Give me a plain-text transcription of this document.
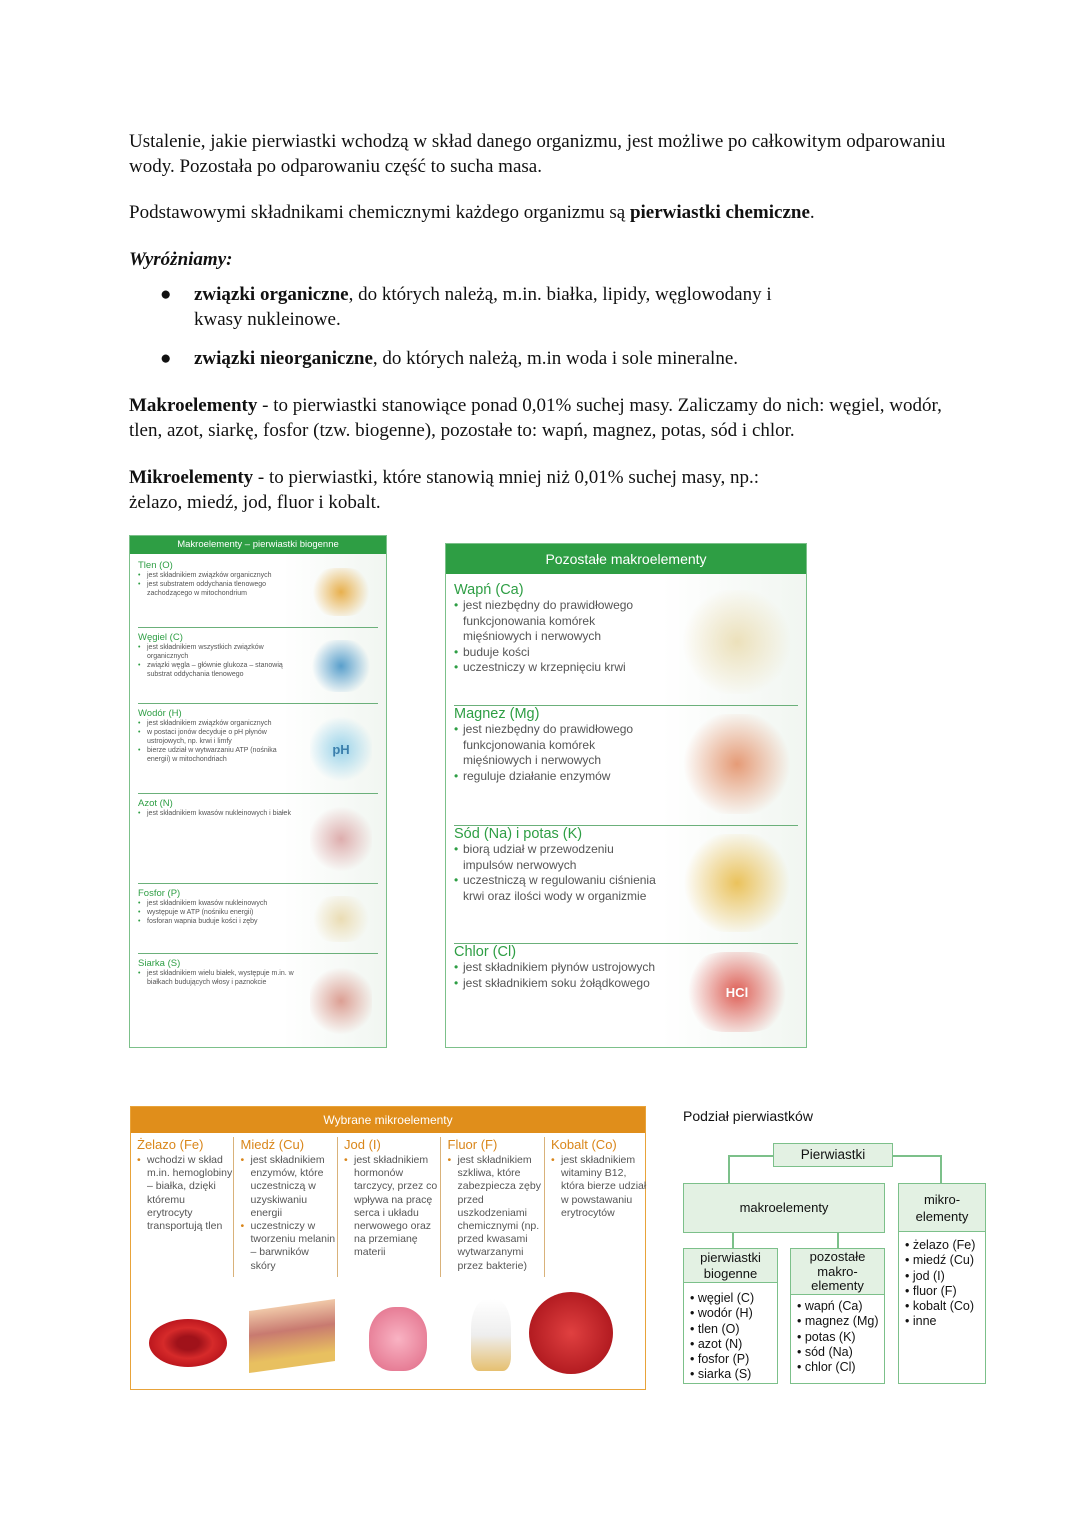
Ustalenie, jakie pierwiastki wchodzą w skład danego organizmu, jest możliwe po całkowitym odparowaniu wody. Pozostała po odparowaniu część to sucha masa.
Podstawowymi składnikami chemicznymi każdego organizmu są pierwiastki chemiczne.
Wyróżniamy:
● związki organiczne, do których należą, m.in. białka, lipidy, węglowodany i kwasy nukleinowe.
● związki nieorganiczne, do których należą, m.in woda i sole mineralne.
Makroelementy - to pierwiastki stanowiące ponad 0,01% suchej masy. Zaliczamy do nich: węgiel, wodór, tlen, azot, siarkę, fosfor (tzw. biogenne), pozostałe to: wapń, magnez, potas, sód i chlor.
Mikroelementy - to pierwiastki, które stanowią mniej niż 0,01% suchej masy, np.: żelazo, miedź, jod, fluor i kobalt.
Makroelementy – pierwiastki biogenne
Tlen (O)
• jest składnikiem związków organicznych
• jest substratem oddychania tlenowego zachodzącego w mitochondrium
Węgiel (C)
• jest składnikiem wszystkich związków organicznych
• związki węgla – głównie glukoza – stanowią substrat oddychania tlenowego
Wodór (H)
• jest składnikiem związków organicznych
• w postaci jonów decyduje o pH płynów ustrojowych, np. krwi i limfy
• bierze udział w wytwarzaniu ATP (nośnika energii) w mitochondriach
pH
Azot (N)
• jest składnikiem kwasów nukleinowych i białek
Fosfor (P)
• jest składnikiem kwasów nukleinowych
• występuje w ATP (nośniku energii)
• fosforan wapnia buduje kości i zęby
Siarka (S)
• jest składnikiem wielu białek, występuje m.in. w białkach budujących włosy i paznokcie
Pozostałe makroelementy
Wapń (Ca)
• jest niezbędny do prawidłowego funkcjonowania komórek mięśniowych i nerwowych
• buduje kości
• uczestniczy w krzepnięciu krwi
Magnez (Mg)
• jest niezbędny do prawidłowego funkcjonowania komórek mięśniowych i nerwowych
• reguluje działanie enzymów
Sód (Na) i potas (K)
• biorą udział w przewodzeniu impulsów nerwowych
• uczestniczą w regulowaniu ciśnienia krwi oraz ilości wody w organizmie
Chlor (Cl)
• jest składnikiem płynów ustrojowych
• jest składnikiem soku żołądkowego
HCl
Wybrane mikroelementy
Żelazo (Fe)

• wchodzi w skład m.in. hemoglobiny – białka, dzięki któremu erytrocyty transportują tlen

Miedź (Cu)

• jest składnikiem enzymów, które uczestniczą w uzyskiwaniu energii

• uczestniczy w tworzeniu melanin – barwników skóry

Jod (I)

• jest składnikiem hormonów tarczycy, przez co wpływa na pracę serca i układu nerwowego oraz na przemianę materii

Fluor (F)

• jest składnikiem szkliwa, które zabezpiecza zęby przed uszkodzeniami chemicznymi (np. przed kwasami wytwarzanymi przez bakterie)

Kobalt (Co)

• jest składnikiem witaminy B12, która bierze udział w powstawaniu erytrocytów

Podział pierwiastków
Pierwiastki
makroelementy
mikro-elementy
• żelazo (Fe)
• miedź (Cu)
• jod (I)
• fluor (F)
• kobalt (Co)
• inne
pierwiastki biogenne
• węgiel (C)
• wodór (H)
• tlen (O)
• azot (N)
• fosfor (P)
• siarka (S)
pozostałe makro-elementy
• wapń (Ca)
• magnez (Mg)
• potas (K)
• sód (Na)
• chlor (Cl)
